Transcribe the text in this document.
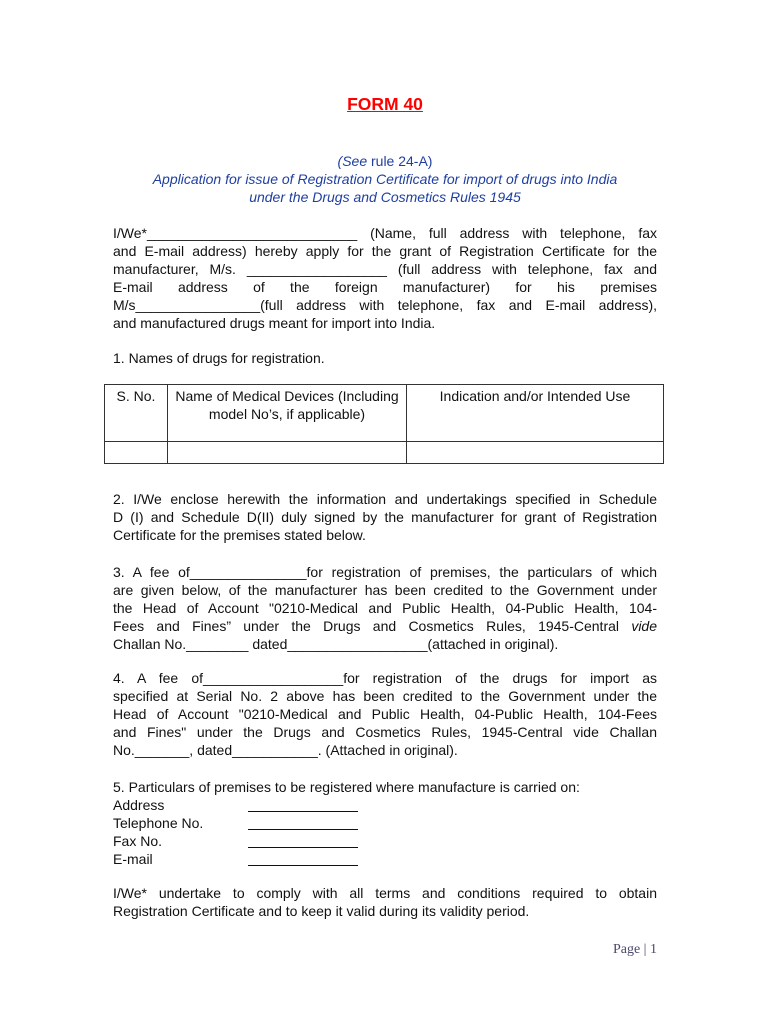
FORM 40
(See rule 24-A)
Application for issue of Registration Certificate for import of drugs into India
under the Drugs and Cosmetics Rules 1945
I/We*___________________________ (Name, full address with telephone, fax
and E-mail address) hereby apply for the grant of Registration Certificate for the
manufacturer, M/s. __________________ (full address with telephone, fax and
E-mail address of the foreign manufacturer) for his premises
M/s________________(full address with telephone, fax and E-mail address),
and manufactured drugs meant for import into India.
1. Names of drugs for registration.
S. No.	Name of Medical Devices (Including model No’s, if applicable)	Indication and/or Intended Use

2. I/We enclose herewith the information and undertakings specified in Schedule
D (I) and Schedule D(II) duly signed by the manufacturer for grant of Registration
Certificate for the premises stated below.
3. A fee of_______________for registration of premises, the particulars of which
are given below, of the manufacturer has been credited to the Government under
the Head of Account "0210-Medical and Public Health, 04-Public Health, 104-
Fees and Fines” under the Drugs and Cosmetics Rules, 1945-Central vide
Challan No.________ dated__________________(attached in original).
4. A fee of__________________for registration of the drugs for import as
specified at Serial No. 2 above has been credited to the Government under the
Head of Account "0210-Medical and Public Health, 04-Public Health, 104-Fees
and Fines" under the Drugs and Cosmetics Rules, 1945-Central vide Challan
No._______, dated___________. (Attached in original).
5. Particulars of premises to be registered where manufacture is carried on:
Address
Telephone No.
Fax No.
E-mail
I/We* undertake to comply with all terms and conditions required to obtain
Registration Certificate and to keep it valid during its validity period.
Page | 1
